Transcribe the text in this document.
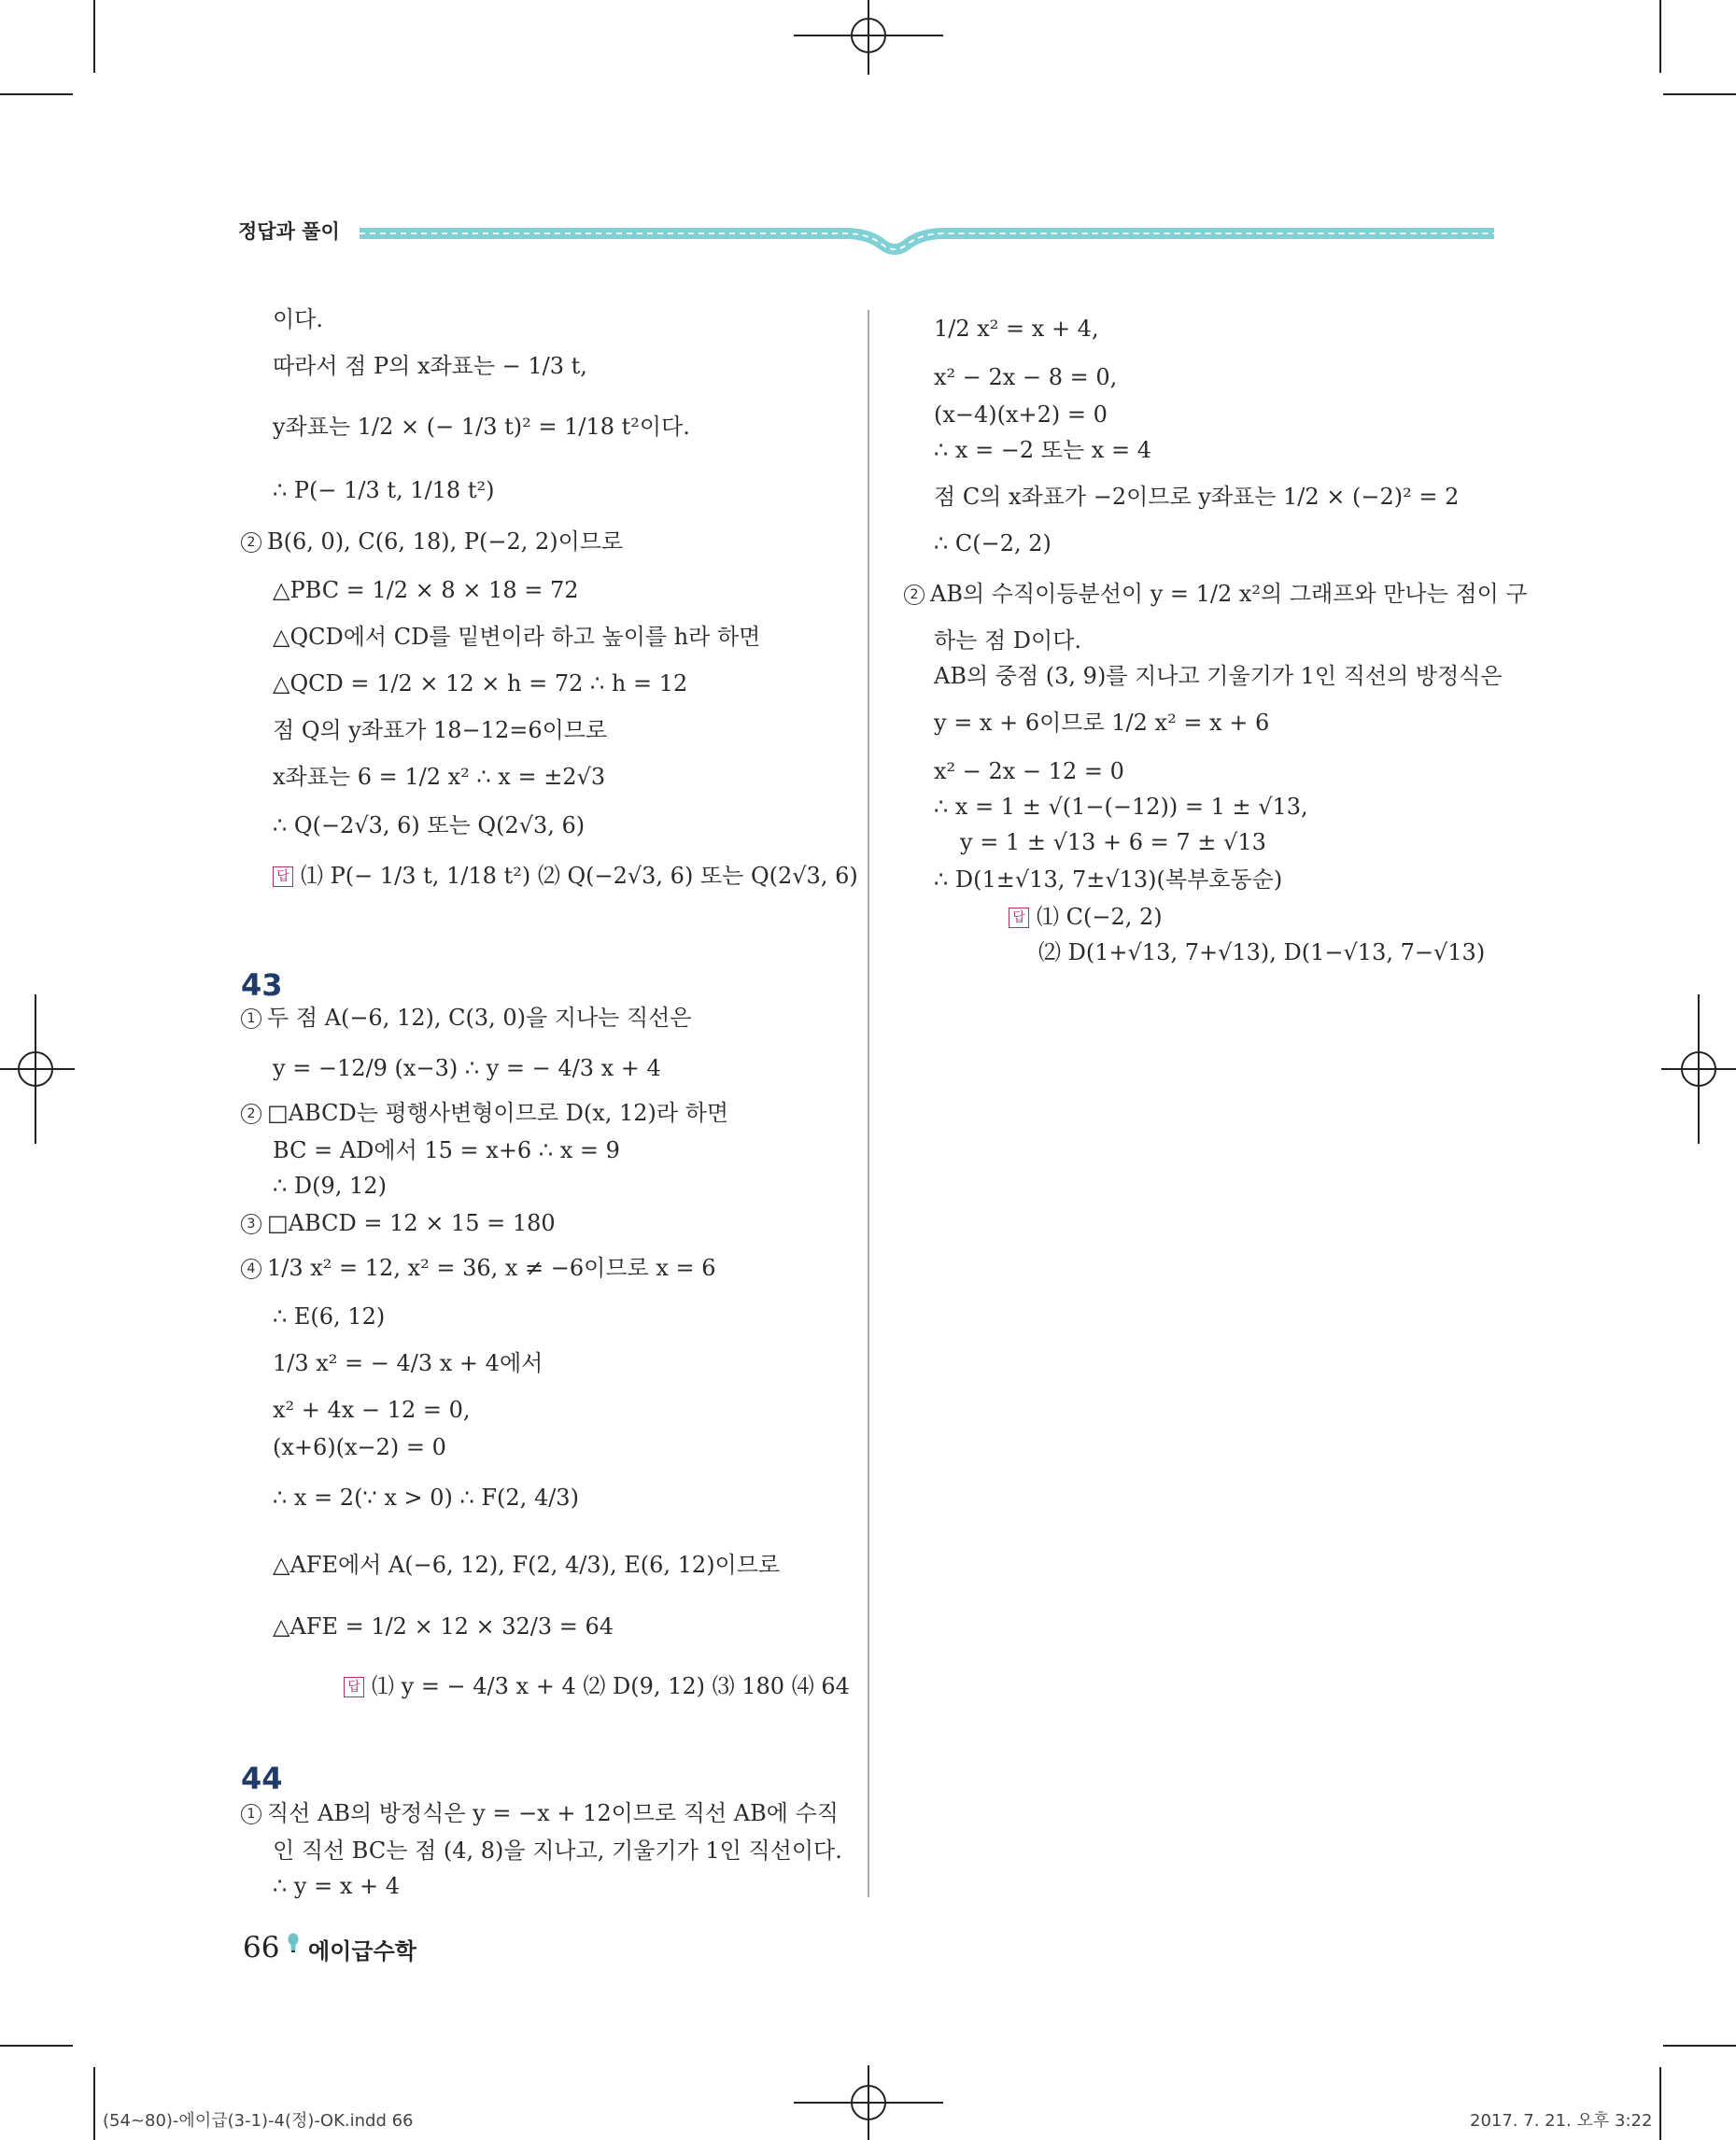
정답과 풀이
이다.
따라서 점 P의 x좌표는 − 1/3 t,
y좌표는 1/2 × (− 1/3 t)² = 1/18 t²이다.
∴ P(− 1/3 t, 1/18 t²)
2 B(6, 0), C(6, 18), P(−2, 2)이므로
△PBC = 1/2 × 8 × 18 = 72
△QCD에서 CD를 밑변이라 하고 높이를 h라 하면
△QCD = 1/2 × 12 × h = 72 ∴ h = 12
점 Q의 y좌표가 18−12=6이므로
x좌표는 6 = 1/2 x² ∴ x = ±2√3
∴ Q(−2√3, 6) 또는 Q(2√3, 6)
답 ⑴ P(− 1/3 t, 1/18 t²) ⑵ Q(−2√3, 6) 또는 Q(2√3, 6)
43
1 두 점 A(−6, 12), C(3, 0)을 지나는 직선은
y = −12/9 (x−3) ∴ y = − 4/3 x + 4
2 □ABCD는 평행사변형이므로 D(x, 12)라 하면
BC = AD에서 15 = x+6 ∴ x = 9
∴ D(9, 12)
3 □ABCD = 12 × 15 = 180
4 1/3 x² = 12, x² = 36, x ≠ −6이므로 x = 6
∴ E(6, 12)
1/3 x² = − 4/3 x + 4에서
x² + 4x − 12 = 0,
(x+6)(x−2) = 0
∴ x = 2(∵ x > 0) ∴ F(2, 4/3)
△AFE에서 A(−6, 12), F(2, 4/3), E(6, 12)이므로
△AFE = 1/2 × 12 × 32/3 = 64
답 ⑴ y = − 4/3 x + 4 ⑵ D(9, 12) ⑶ 180 ⑷ 64
44
1 직선 AB의 방정식은 y = −x + 12이므로 직선 AB에 수직
인 직선 BC는 점 (4, 8)을 지나고, 기울기가 1인 직선이다.
∴ y = x + 4
1/2 x² = x + 4,
x² − 2x − 8 = 0,
(x−4)(x+2) = 0
∴ x = −2 또는 x = 4
점 C의 x좌표가 −2이므로 y좌표는 1/2 × (−2)² = 2
∴ C(−2, 2)
2 AB의 수직이등분선이 y = 1/2 x²의 그래프와 만나는 점이 구
하는 점 D이다.
AB의 중점 (3, 9)를 지나고 기울기가 1인 직선의 방정식은
y = x + 6이므로 1/2 x² = x + 6
x² − 2x − 12 = 0
∴ x = 1 ± √(1−(−12)) = 1 ± √13,
y = 1 ± √13 + 6 = 7 ± √13
∴ D(1±√13, 7±√13)(복부호동순)
답 ⑴ C(−2, 2)
⑵ D(1+√13, 7+√13), D(1−√13, 7−√13)
66 에이급수학
(54~80)-에이급(3-1)-4(정)-OK.indd 66	2017. 7. 21. 오후 3:22
